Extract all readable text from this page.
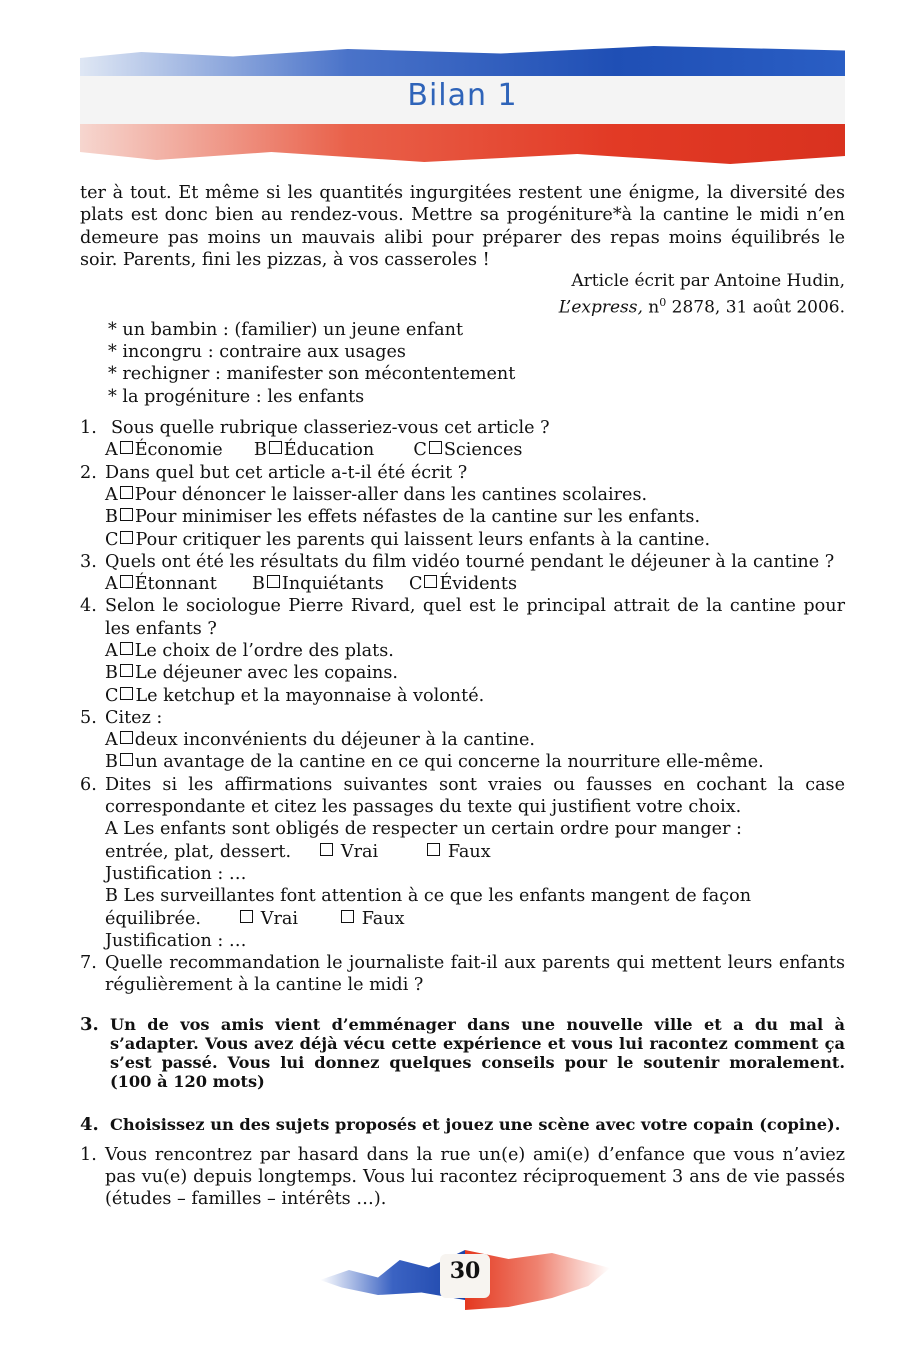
Bilan 1

ter à tout. Et même si les quantités ingurgitées restent une énigme, la diversité des plats est donc bien au rendez-vous. Mettre sa progéniture*à la cantine le midi n’en demeure pas moins un mauvais alibi pour préparer des repas moins équilibrés le soir. Parents, fini les pizzas, à vos casseroles !

Article écrit par Antoine Hudin,
L’express, $n^0$ 2878, 31 août 2006.
* un bambin : (familier) un jeune enfant
* incongru : contraire aux usages
* rechigner : manifester son mécontentement
* la progéniture : les enfants
1. Sous quelle rubrique classeriez-vous cet article ?
A Économie B Éducation C Sciences
2. Dans quel but cet article a-t-il été écrit ?
A Pour dénoncer le laisser-aller dans les cantines scolaires.
B Pour minimiser les effets néfastes de la cantine sur les enfants.
C Pour critiquer les parents qui laissent leurs enfants à la cantine.
3. Quels ont été les résultats du film vidéo tourné pendant le déjeuner à la cantine ?
A Étonnant B Inquiétants C Évidents
4. Selon le sociologue Pierre Rivard, quel est le principal attrait de la cantine pour les enfants ?
A Le choix de l’ordre des plats.
B Le déjeuner avec les copains.
C Le ketchup et la mayonnaise à volonté.
5. Citez :
A deux inconvénients du déjeuner à la cantine.
B un avantage de la cantine en ce qui concerne la nourriture elle-même.
6. Dites si les affirmations suivantes sont vraies ou fausses en cochant la case correspondante et citez les passages du texte qui justifient votre choix.
A Les enfants sont obligés de respecter un certain ordre pour manger :
entrée, plat, dessert.	Vrai	Faux
Justification : …
B Les surveillantes font attention à ce que les enfants mangent de façon
équilibrée.	Vrai	Faux
Justification : …
7. Quelle recommandation le journaliste fait-il aux parents qui mettent leurs enfants régulièrement à la cantine le midi ?
3. Un de vos amis vient d’emménager dans une nouvelle ville et a du mal à s’adapter. Vous avez déjà vécu cette expérience et vous lui racontez comment ça s’est passé. Vous lui donnez quelques conseils pour le soutenir moralement. (100 à 120 mots)
4. Choisissez un des sujets proposés et jouez une scène avec votre copain (copine).
1. Vous rencontrez par hasard dans la rue un(e) ami(e) d’enfance que vous n’aviez pas vu(e) depuis longtemps. Vous lui racontez réciproquement 3 ans de vie passés (études – familles – intérêts …).
30
